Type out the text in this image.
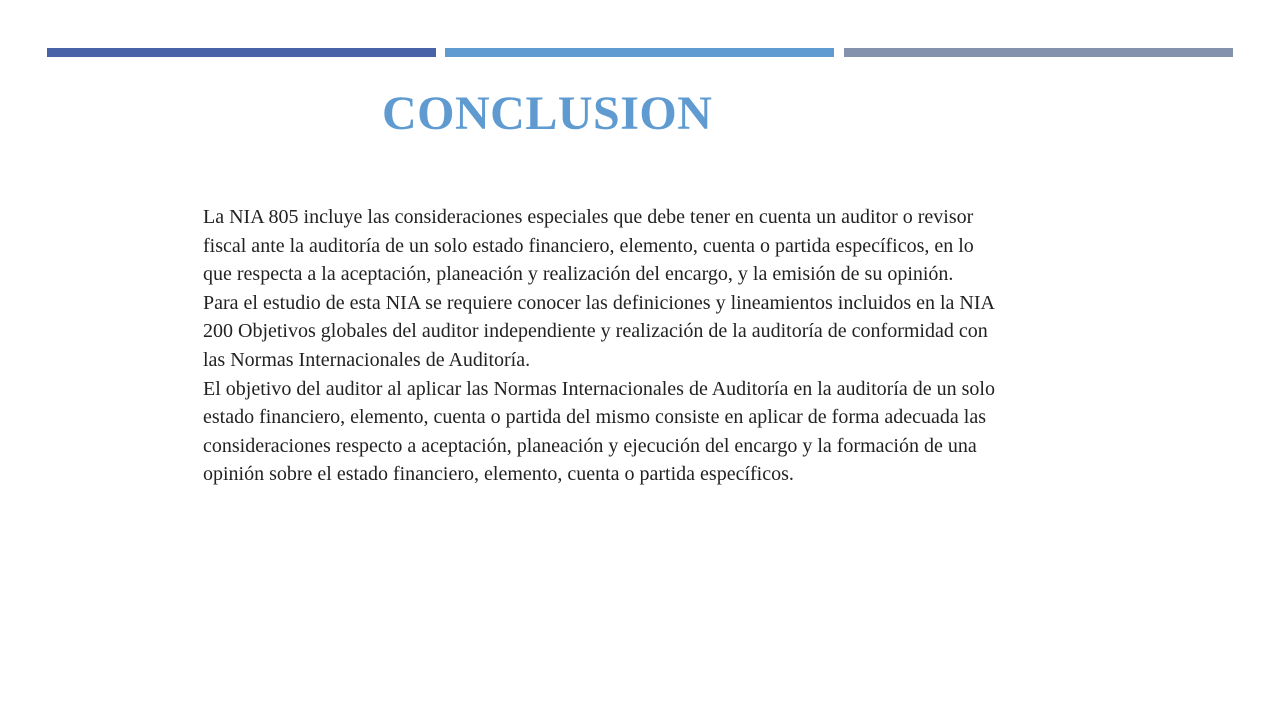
CONCLUSION

La NIA 805 incluye las consideraciones especiales que debe tener en cuenta un auditor o revisor fiscal ante la auditoría de un solo estado financiero, elemento, cuenta o partida específicos, en lo que respecta a la aceptación, planeación y realización del encargo, y la emisión de su opinión.

Para el estudio de esta NIA se requiere conocer las definiciones y lineamientos incluidos en la NIA 200 Objetivos globales del auditor independiente y realización de la auditoría de conformidad con las Normas Internacionales de Auditoría.

El objetivo del auditor al aplicar las Normas Internacionales de Auditoría en la auditoría de un solo estado financiero, elemento, cuenta o partida del mismo consiste en aplicar de forma adecuada las consideraciones respecto a aceptación, planeación y ejecución del encargo y la formación de una opinión sobre el estado financiero, elemento, cuenta o partida específicos.
